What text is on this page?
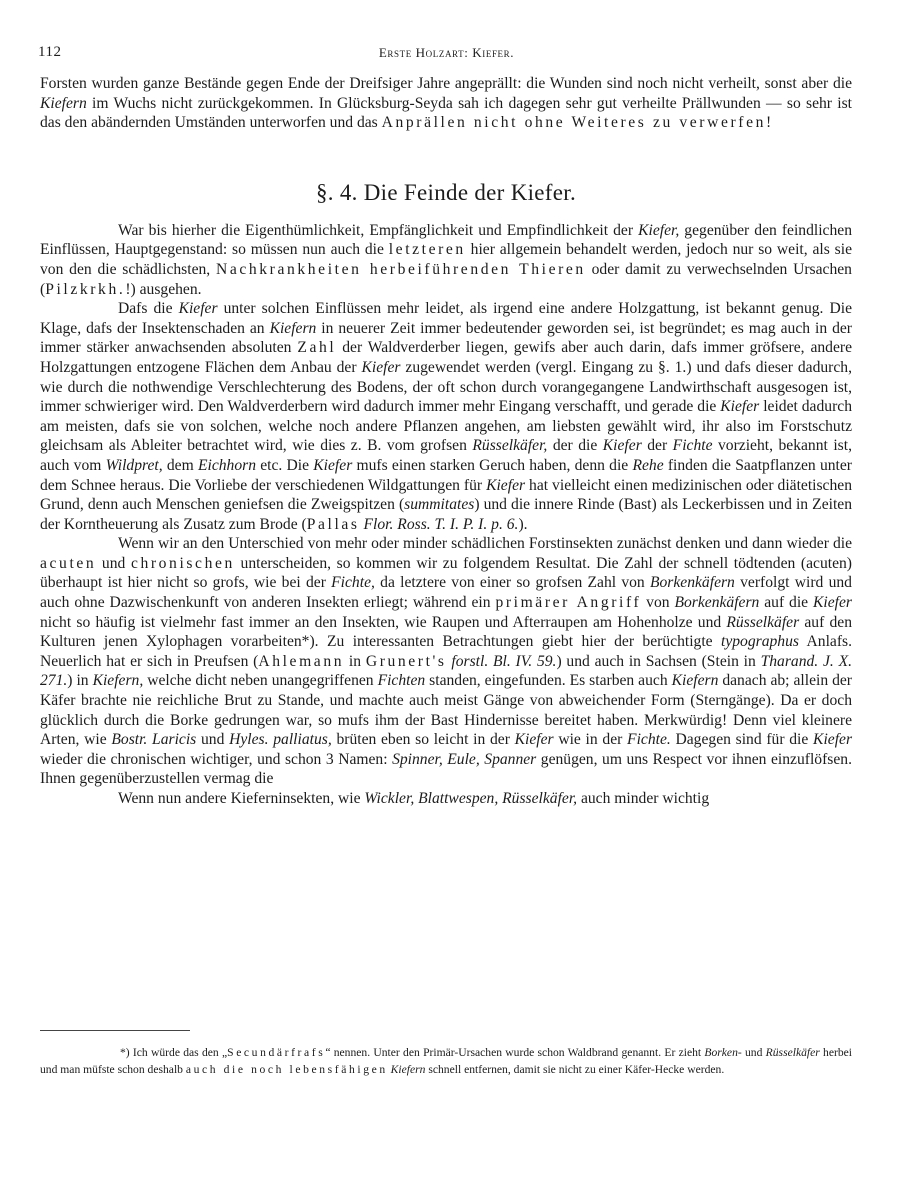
112	Erste Holzart: Kiefer.

Forsten wurden ganze Bestände gegen Ende der Dreifsiger Jahre angeprällt: die Wunden sind noch nicht verheilt, sonst aber die Kiefern im Wuchs nicht zurückgekommen. In Glücksburg-Seyda sah ich dagegen sehr gut verheilte Prällwunden — so sehr ist das den abändernden Umständen unterworfen und das Anprällen nicht ohne Weiteres zu verwerfen!

§. 4. Die Feinde der Kiefer.

War bis hierher die Eigenthümlichkeit, Empfänglichkeit und Empfindlichkeit der Kiefer, gegenüber den feindlichen Einflüssen, Hauptgegenstand: so müssen nun auch die letzteren hier allgemein behandelt werden, jedoch nur so weit, als sie von den die schädlichsten, Nachkrankheiten herbeiführenden Thieren oder damit zu verwechselnden Ursachen (Pilzkrkh.!) ausgehen.

Dafs die Kiefer unter solchen Einflüssen mehr leidet, als irgend eine andere Holzgattung, ist bekannt genug. Die Klage, dafs der Insektenschaden an Kiefern in neuerer Zeit immer bedeutender geworden sei, ist begründet; es mag auch in der immer stärker anwachsenden absoluten Zahl der Waldverderber liegen, gewifs aber auch darin, dafs immer gröfsere, andere Holzgattungen entzogene Flächen dem Anbau der Kiefer zugewendet werden (vergl. Eingang zu §. 1.) und dafs dieser dadurch, wie durch die nothwendige Verschlechterung des Bodens, der oft schon durch vorangegangene Landwirthschaft ausgesogen ist, immer schwieriger wird. Den Waldverderbern wird dadurch immer mehr Eingang verschafft, und gerade die Kiefer leidet dadurch am meisten, dafs sie von solchen, welche noch andere Pflanzen angehen, am liebsten gewählt wird, ihr also im Forstschutz gleichsam als Ableiter betrachtet wird, wie dies z. B. vom grofsen Rüsselkäfer, der die Kiefer der Fichte vorzieht, bekannt ist, auch vom Wildpret, dem Eichhorn etc. Die Kiefer mufs einen starken Geruch haben, denn die Rehe finden die Saatpflanzen unter dem Schnee heraus. Die Vorliebe der verschiedenen Wildgattungen für Kiefer hat vielleicht einen medizinischen oder diätetischen Grund, denn auch Menschen geniefsen die Zweigspitzen (summitates) und die innere Rinde (Bast) als Leckerbissen und in Zeiten der Korntheuerung als Zusatz zum Brode (Pallas Flor. Ross. T. I. P. I. p. 6.).

Wenn wir an den Unterschied von mehr oder minder schädlichen Forstinsekten zunächst denken und dann wieder die acuten und chronischen unterscheiden, so kommen wir zu folgendem Resultat. Die Zahl der schnell tödtenden (acuten) überhaupt ist hier nicht so grofs, wie bei der Fichte, da letztere von einer so grofsen Zahl von Borkenkäfern verfolgt wird und auch ohne Dazwischenkunft von anderen Insekten erliegt; während ein primärer Angriff von Borkenkäfern auf die Kiefer nicht so häufig ist vielmehr fast immer an den Insekten, wie Raupen und Afterraupen am Hohenholze und Rüsselkäfer auf den Kulturen jenen Xylophagen vorarbeiten*). Zu interessanten Betrachtungen giebt hier der berüchtigte typographus Anlafs. Neuerlich hat er sich in Preufsen (Ahlemann in Grunert's forstl. Bl. IV. 59.) und auch in Sachsen (Stein in Tharand. J. X. 271.) in Kiefern, welche dicht neben unangegriffenen Fichten standen, eingefunden. Es starben auch Kiefern danach ab; allein der Käfer brachte nie reichliche Brut zu Stande, und machte auch meist Gänge von abweichender Form (Sterngänge). Da er doch glücklich durch die Borke gedrungen war, so mufs ihm der Bast Hindernisse bereitet haben. Merkwürdig! Denn viel kleinere Arten, wie Bostr. Laricis und Hyles. palliatus, brüten eben so leicht in der Kiefer wie in der Fichte. Dagegen sind für die Kiefer wieder die chronischen wichtiger, und schon 3 Namen: Spinner, Eule, Spanner genügen, um uns Respect vor ihnen einzuflöfsen. Ihnen gegenüberzustellen vermag die

Wenn nun andere Kieferninsekten, wie Wickler, Blattwespen, Rüsselkäfer, auch minder wichtig

*) Ich würde das den „Secundärfrafs“ nennen. Unter den Primär-Ursachen wurde schon Waldbrand genannt. Er zieht Borken- und Rüsselkäfer herbei und man müfste schon deshalb auch die noch lebensfähigen Kiefern schnell entfernen, damit sie nicht zu einer Käfer-Hecke werden.
